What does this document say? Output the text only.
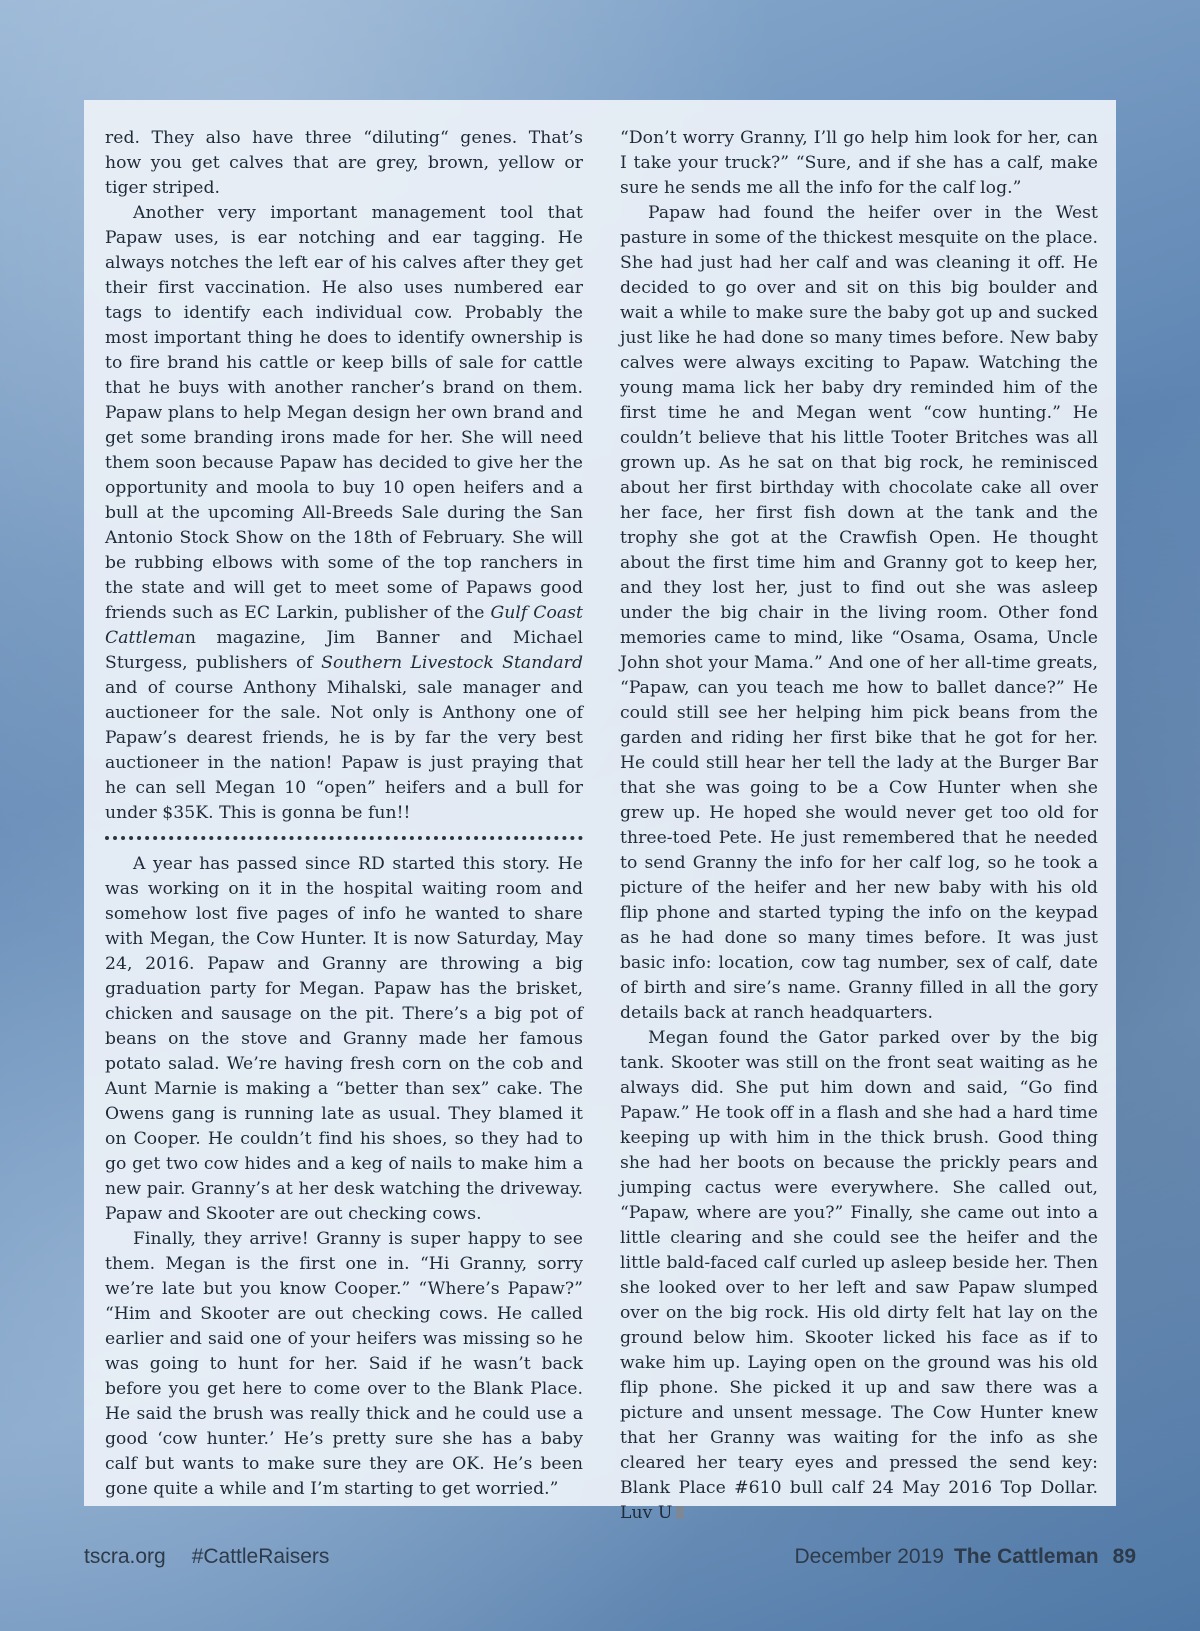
red. They also have three “diluting“ genes. That’s how you get calves that are grey, brown, yellow or tiger striped.

Another very important management tool that Papaw uses, is ear notching and ear tagging. He always notches the left ear of his calves after they get their first vaccination. He also uses numbered ear tags to identify each individual cow. Probably the most important thing he does to identify ownership is to fire brand his cattle or keep bills of sale for cattle that he buys with another rancher’s brand on them. Papaw plans to help Megan design her own brand and get some branding irons made for her. She will need them soon because Papaw has decided to give her the opportunity and moola to buy 10 open heifers and a bull at the upcoming All-Breeds Sale during the San Antonio Stock Show on the 18th of February. She will be rubbing elbows with some of the top ranchers in the state and will get to meet some of Papaws good friends such as EC Larkin, publisher of the Gulf Coast Cattleman magazine, Jim Banner and Michael Sturgess, publishers of Southern Livestock Standard and of course Anthony Mihalski, sale manager and auctioneer for the sale. Not only is Anthony one of Papaw’s dearest friends, he is by far the very best auctioneer in the nation! Papaw is just praying that he can sell Megan 10 “open” heifers and a bull for under $35K. This is gonna be fun!!

A year has passed since RD started this story. He was working on it in the hospital waiting room and somehow lost five pages of info he wanted to share with Megan, the Cow Hunter. It is now Saturday, May 24, 2016. Papaw and Granny are throwing a big graduation party for Megan. Papaw has the brisket, chicken and sausage on the pit. There’s a big pot of beans on the stove and Granny made her famous potato salad. We’re having fresh corn on the cob and Aunt Marnie is making a “better than sex” cake. The Owens gang is running late as usual. They blamed it on Cooper. He couldn’t find his shoes, so they had to go get two cow hides and a keg of nails to make him a new pair. Granny’s at her desk watching the driveway. Papaw and Skooter are out checking cows.

Finally, they arrive! Granny is super happy to see them. Megan is the first one in. “Hi Granny, sorry we’re late but you know Cooper.” “Where’s Papaw?” “Him and Skooter are out checking cows. He called earlier and said one of your heifers was missing so he was going to hunt for her. Said if he wasn’t back before you get here to come over to the Blank Place. He said the brush was really thick and he could use a good ‘cow hunter.’ He’s pretty sure she has a baby calf but wants to make sure they are OK. He’s been gone quite a while and I’m starting to get worried.”

“Don’t worry Granny, I’ll go help him look for her, can I take your truck?” “Sure, and if she has a calf, make sure he sends me all the info for the calf log.”

Papaw had found the heifer over in the West pasture in some of the thickest mesquite on the place. She had just had her calf and was cleaning it off. He decided to go over and sit on this big boulder and wait a while to make sure the baby got up and sucked just like he had done so many times before. New baby calves were always exciting to Papaw. Watching the young mama lick her baby dry reminded him of the first time he and Megan went “cow hunting.” He couldn’t believe that his little Tooter Britches was all grown up. As he sat on that big rock, he reminisced about her first birthday with chocolate cake all over her face, her first fish down at the tank and the trophy she got at the Crawfish Open. He thought about the first time him and Granny got to keep her, and they lost her, just to find out she was asleep under the big chair in the living room. Other fond memories came to mind, like “Osama, Osama, Uncle John shot your Mama.” And one of her all-time greats, “Papaw, can you teach me how to ballet dance?” He could still see her helping him pick beans from the garden and riding her first bike that he got for her. He could still hear her tell the lady at the Burger Bar that she was going to be a Cow Hunter when she grew up. He hoped she would never get too old for three-toed Pete. He just remembered that he needed to send Granny the info for her calf log, so he took a picture of the heifer and her new baby with his old flip phone and started typing the info on the keypad as he had done so many times before. It was just basic info: location, cow tag number, sex of calf, date of birth and sire’s name. Granny filled in all the gory details back at ranch headquarters.

Megan found the Gator parked over by the big tank. Skooter was still on the front seat waiting as he always did. She put him down and said, “Go find Papaw.” He took off in a flash and she had a hard time keeping up with him in the thick brush. Good thing she had her boots on because the prickly pears and jumping cactus were everywhere. She called out, “Papaw, where are you?” Finally, she came out into a little clearing and she could see the heifer and the little bald-faced calf curled up asleep beside her. Then she looked over to her left and saw Papaw slumped over on the big rock. His old dirty felt hat lay on the ground below him. Skooter licked his face as if to wake him up. Laying open on the ground was his old flip phone. She picked it up and saw there was a picture and unsent message. The Cow Hunter knew that her Granny was waiting for the info as she cleared her teary eyes and pressed the send key: Blank Place #610 bull calf 24 May 2016 Top Dollar. Luv U

tscra.org #CattleRaisers	December 2019 The Cattleman 89
